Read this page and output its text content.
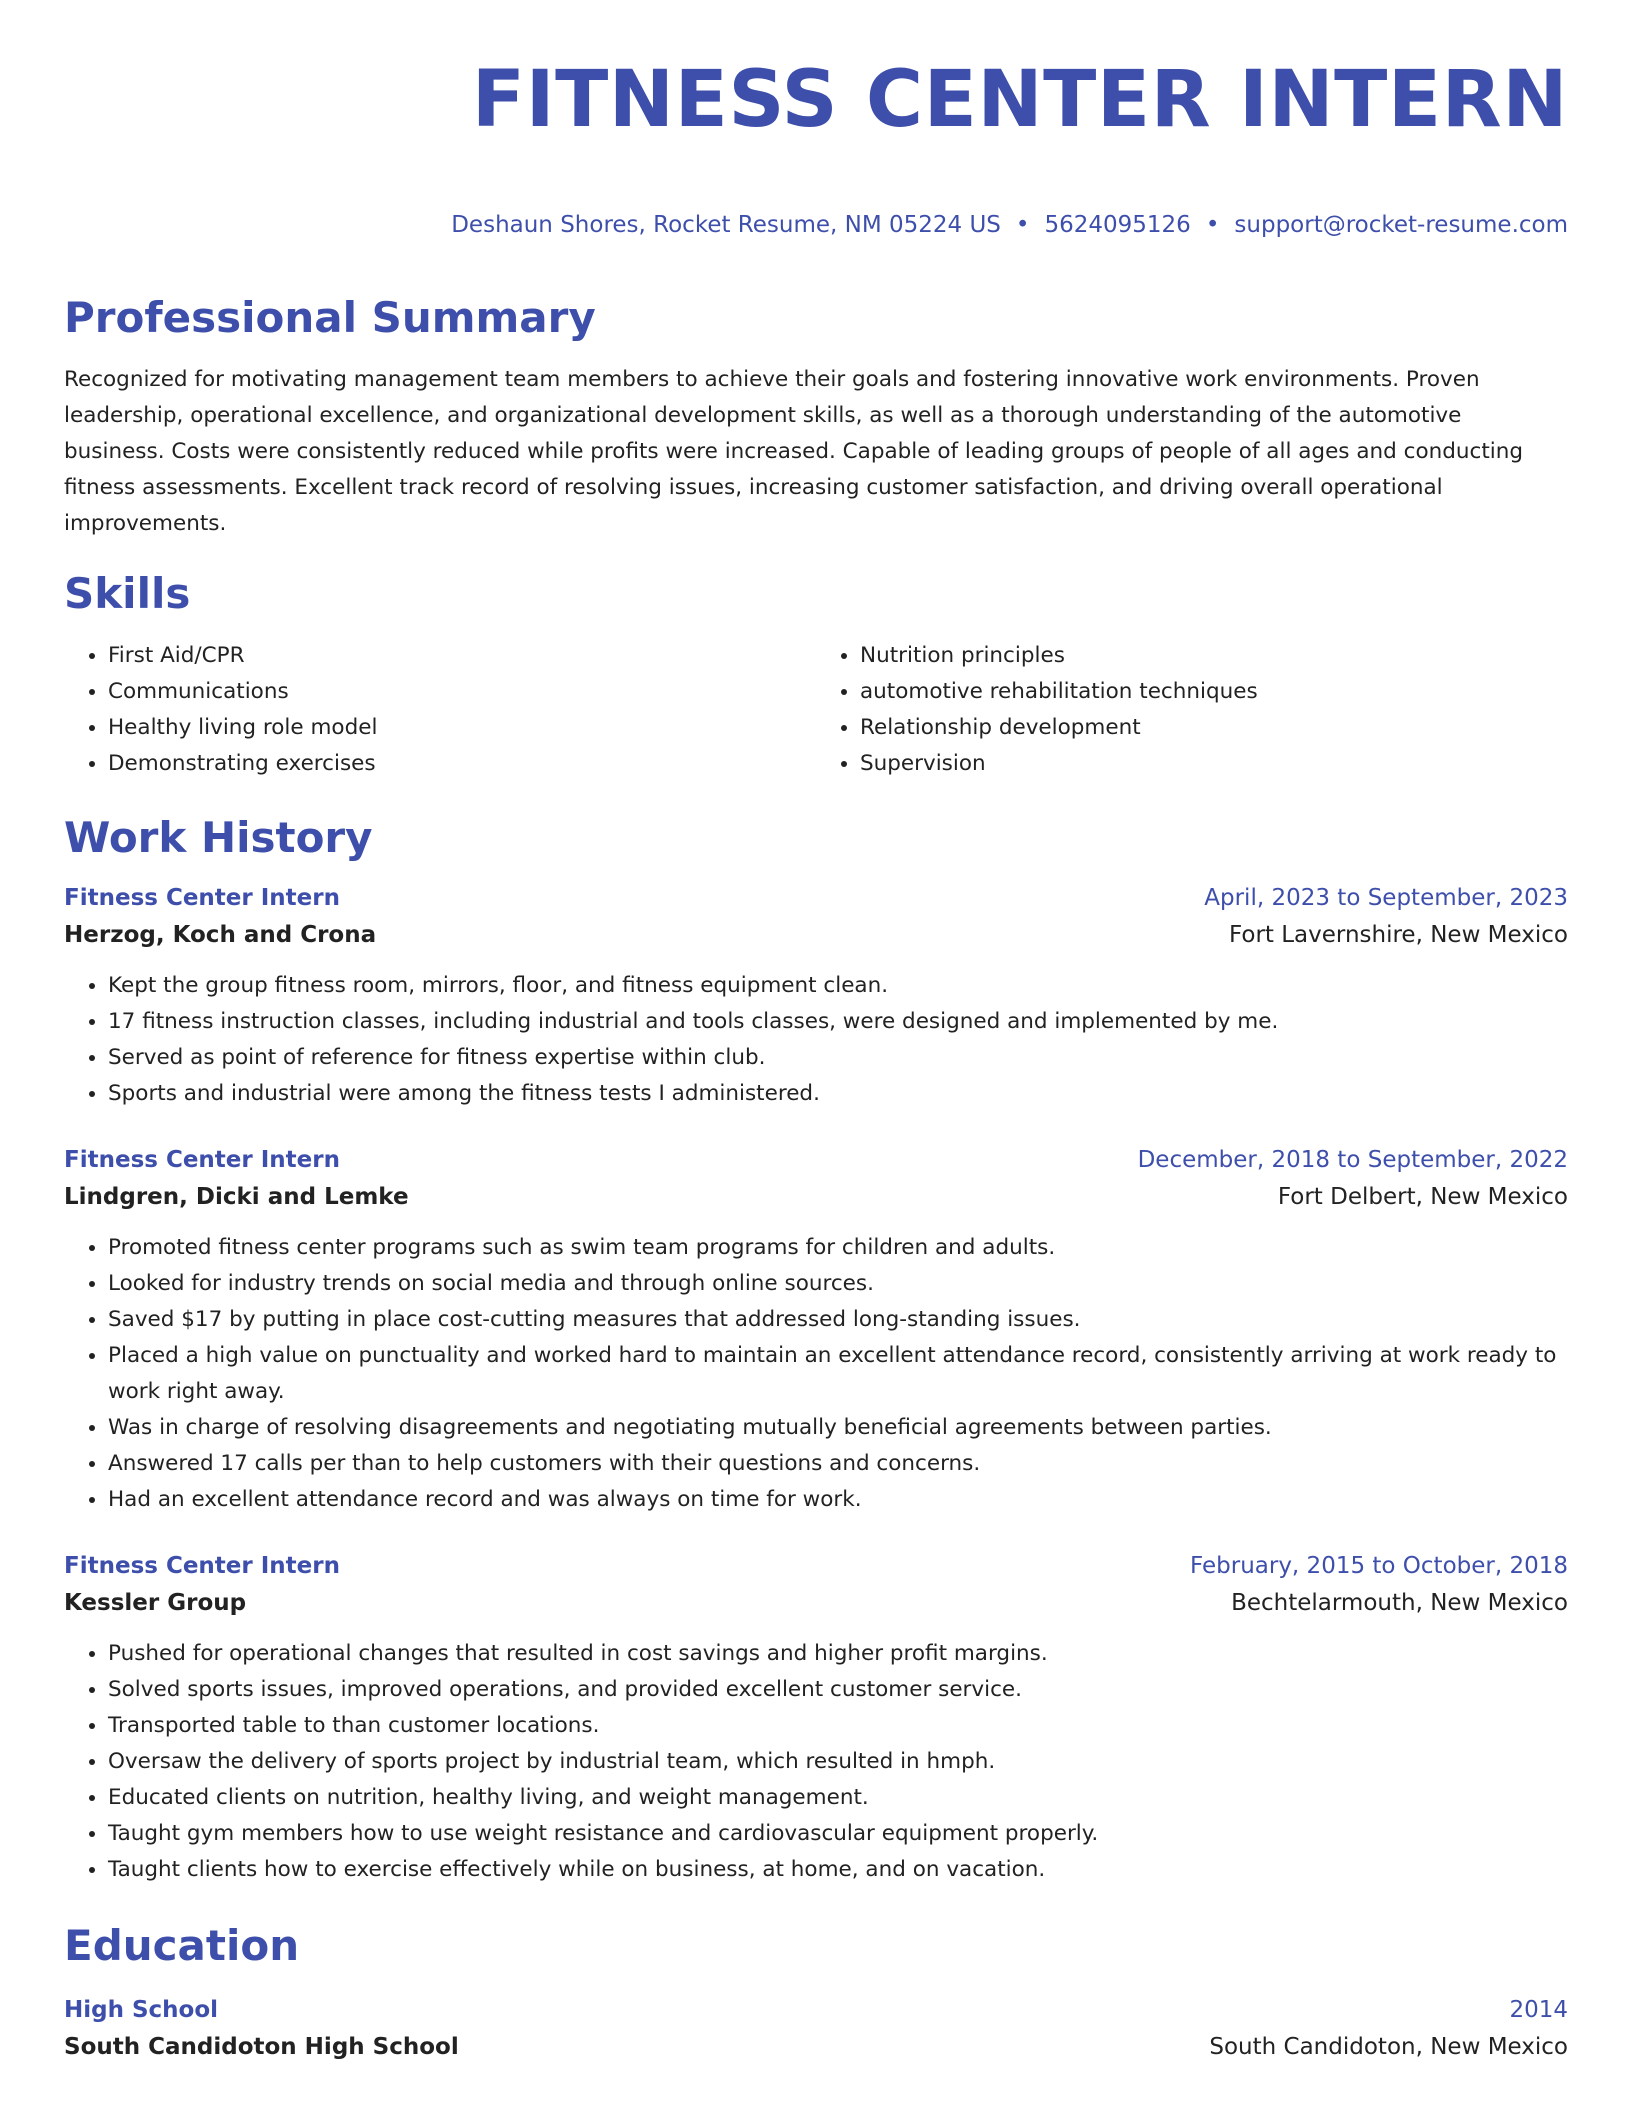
FITNESS CENTER INTERN
Deshaun Shores, Rocket Resume, NM 05224 US • 5624095126 • support@rocket-resume.com
Professional Summary
Recognized for motivating management team members to achieve their goals and fostering innovative work environments. Proven leadership, operational excellence, and organizational development skills, as well as a thorough understanding of the automotive business. Costs were consistently reduced while profits were increased. Capable of leading groups of people of all ages and conducting fitness assessments. Excellent track record of resolving issues, increasing customer satisfaction, and driving overall operational improvements.
Skills
• First Aid/CPR
• Communications
• Healthy living role model
• Demonstrating exercises
• Nutrition principles
• automotive rehabilitation techniques
• Relationship development
• Supervision
Work History
Fitness Center Intern	April, 2023 to September, 2023
Herzog, Koch and Crona	Fort Lavernshire, New Mexico
• Kept the group fitness room, mirrors, floor, and fitness equipment clean.
• 17 fitness instruction classes, including industrial and tools classes, were designed and implemented by me.
• Served as point of reference for fitness expertise within club.
• Sports and industrial were among the fitness tests I administered.
Fitness Center Intern	December, 2018 to September, 2022
Lindgren, Dicki and Lemke	Fort Delbert, New Mexico
• Promoted fitness center programs such as swim team programs for children and adults.
• Looked for industry trends on social media and through online sources.
• Saved $17 by putting in place cost-cutting measures that addressed long-standing issues.
• Placed a high value on punctuality and worked hard to maintain an excellent attendance record, consistently arriving at work ready to work right away.
• Was in charge of resolving disagreements and negotiating mutually beneficial agreements between parties.
• Answered 17 calls per than to help customers with their questions and concerns.
• Had an excellent attendance record and was always on time for work.
Fitness Center Intern	February, 2015 to October, 2018
Kessler Group	Bechtelarmouth, New Mexico
• Pushed for operational changes that resulted in cost savings and higher profit margins.
• Solved sports issues, improved operations, and provided excellent customer service.
• Transported table to than customer locations.
• Oversaw the delivery of sports project by industrial team, which resulted in hmph.
• Educated clients on nutrition, healthy living, and weight management.
• Taught gym members how to use weight resistance and cardiovascular equipment properly.
• Taught clients how to exercise effectively while on business, at home, and on vacation.
Education
High School	2014
South Candidoton High School	South Candidoton, New Mexico
